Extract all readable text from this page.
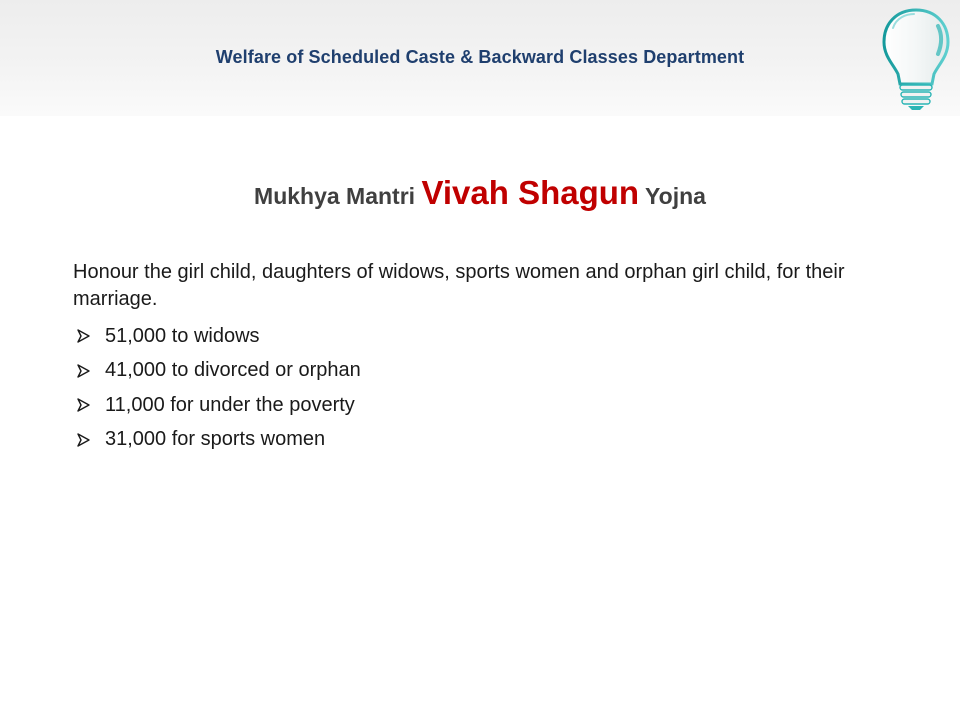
Welfare of Scheduled Caste & Backward Classes Department
Mukhya Mantri Vivah Shagun Yojna

Honour the girl child, daughters of widows, sports women and orphan girl child, for their marriage.

51,000 to widows
41,000 to divorced or orphan
11,000 for under the poverty
31,000 for sports women
